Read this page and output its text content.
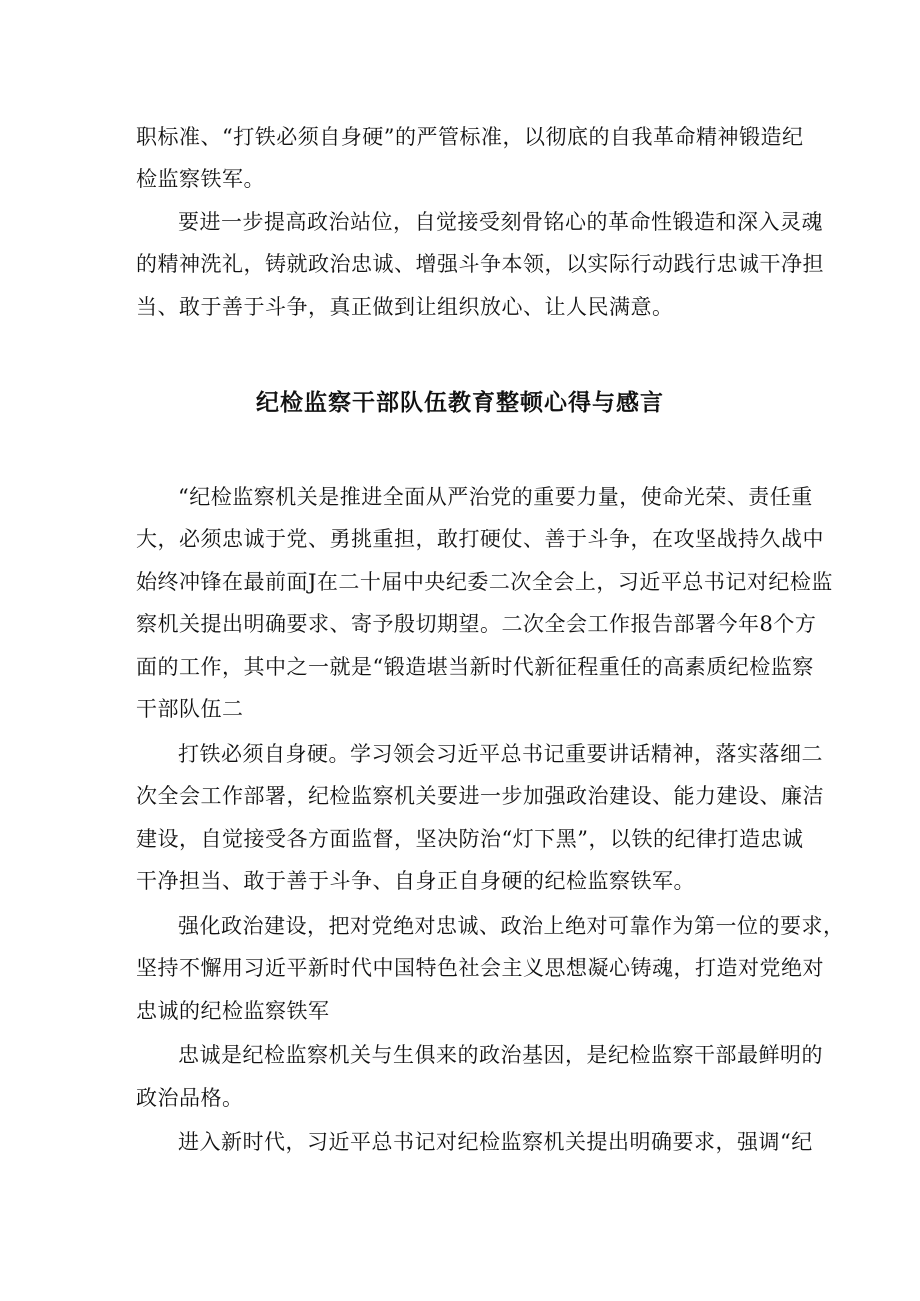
职标准、“打铁必须自身硬”的严管标准，以彻底的自我革命精神锻造纪
检监察铁军。
要进一步提高政治站位，自觉接受刻骨铭心的革命性锻造和深入灵魂
的精神洗礼，铸就政治忠诚、增强斗争本领，以实际行动践行忠诚干净担
当、敢于善于斗争，真正做到让组织放心、让人民满意。
纪检监察干部队伍教育整顿心得与感言
“纪检监察机关是推进全面从严治党的重要力量，使命光荣、责任重
大，必须忠诚于党、勇挑重担，敢打硬仗、善于斗争，在攻坚战持久战中
始终冲锋在最前面J在二十届中央纪委二次全会上，习近平总书记对纪检监
察机关提出明确要求、寄予殷切期望。二次全会工作报告部署今年8个方
面的工作，其中之一就是“锻造堪当新时代新征程重任的高素质纪检监察
干部队伍二
打铁必须自身硬。学习领会习近平总书记重要讲话精神，落实落细二
次全会工作部署，纪检监察机关要进一步加强政治建设、能力建设、廉洁
建设，自觉接受各方面监督，坚决防治“灯下黑”，以铁的纪律打造忠诚
干净担当、敢于善于斗争、自身正自身硬的纪检监察铁军。
强化政治建设，把对党绝对忠诚、政治上绝对可靠作为第一位的要求，
坚持不懈用习近平新时代中国特色社会主义思想凝心铸魂，打造对党绝对
忠诚的纪检监察铁军
忠诚是纪检监察机关与生俱来的政治基因，是纪检监察干部最鲜明的
政治品格。
进入新时代，习近平总书记对纪检监察机关提出明确要求，强调“纪
